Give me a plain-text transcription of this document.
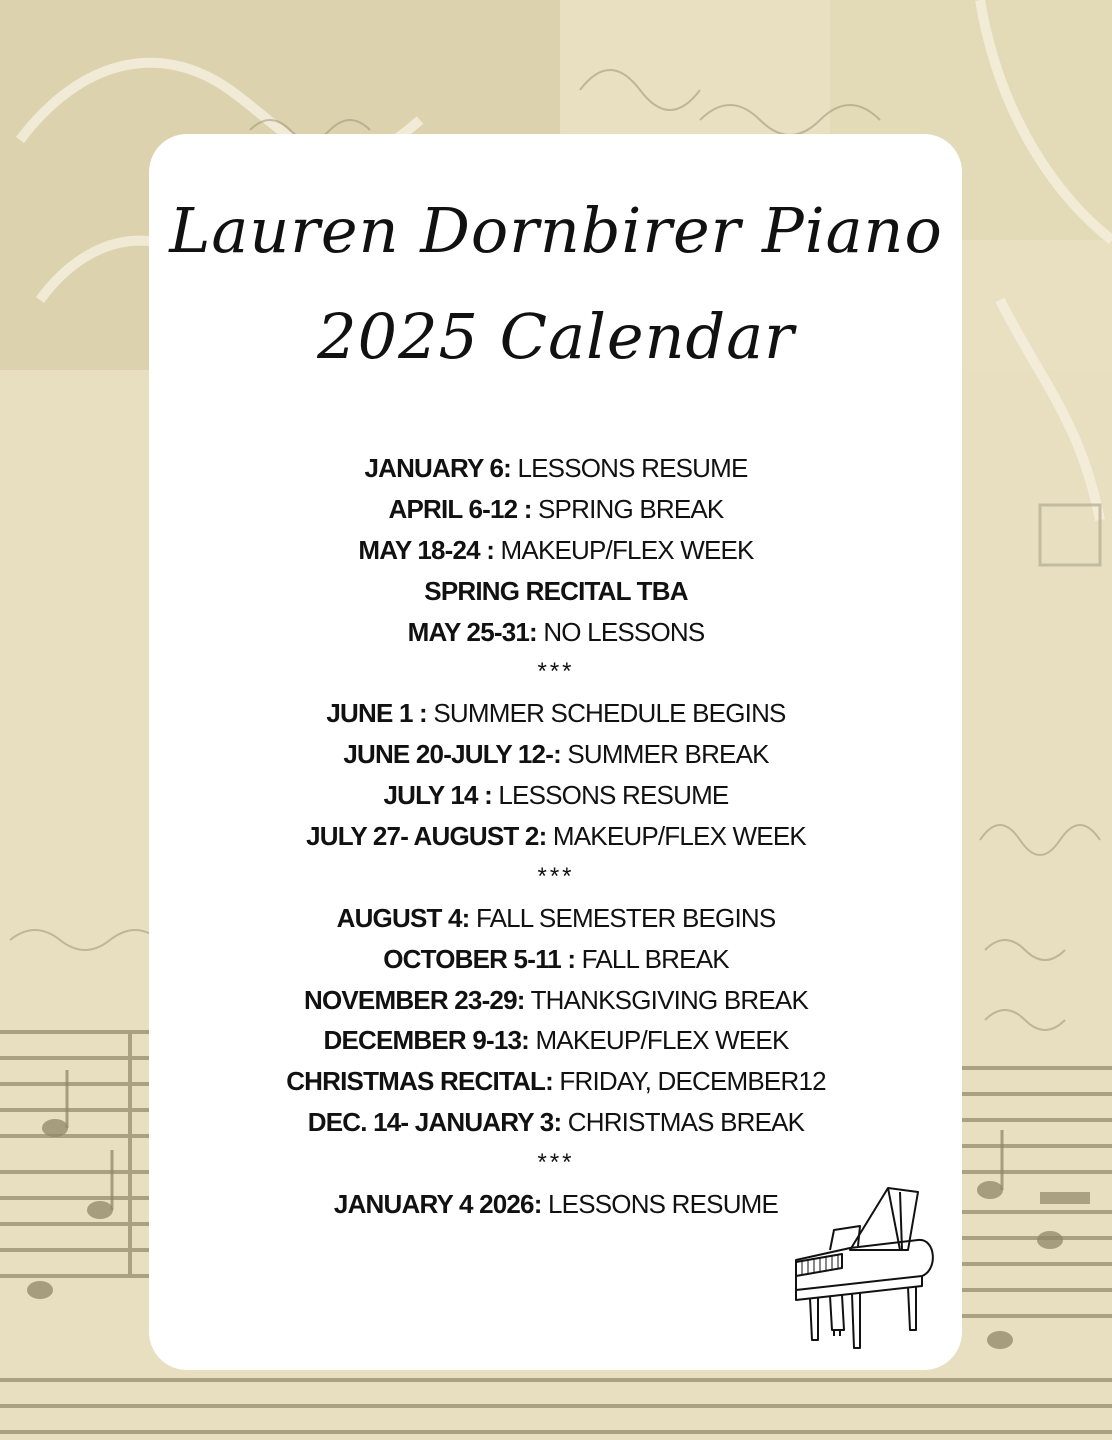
Lauren Dornbirer Piano
2025 Calendar
JANUARY 6: LESSONS RESUME
APRIL 6-12 : SPRING BREAK
MAY 18-24 : MAKEUP/FLEX WEEK
SPRING RECITAL TBA
MAY 25-31: NO LESSONS
***
JUNE 1 : SUMMER SCHEDULE BEGINS
JUNE 20-JULY 12-: SUMMER BREAK
JULY 14 : LESSONS RESUME
JULY 27- AUGUST 2: MAKEUP/FLEX WEEK
***
AUGUST 4: FALL SEMESTER BEGINS
OCTOBER 5-11 : FALL BREAK
NOVEMBER 23-29: THANKSGIVING BREAK
DECEMBER 9-13: MAKEUP/FLEX WEEK
CHRISTMAS RECITAL: FRIDAY, DECEMBER12
DEC. 14- JANUARY 3: CHRISTMAS BREAK
***
JANUARY 4 2026: LESSONS RESUME
